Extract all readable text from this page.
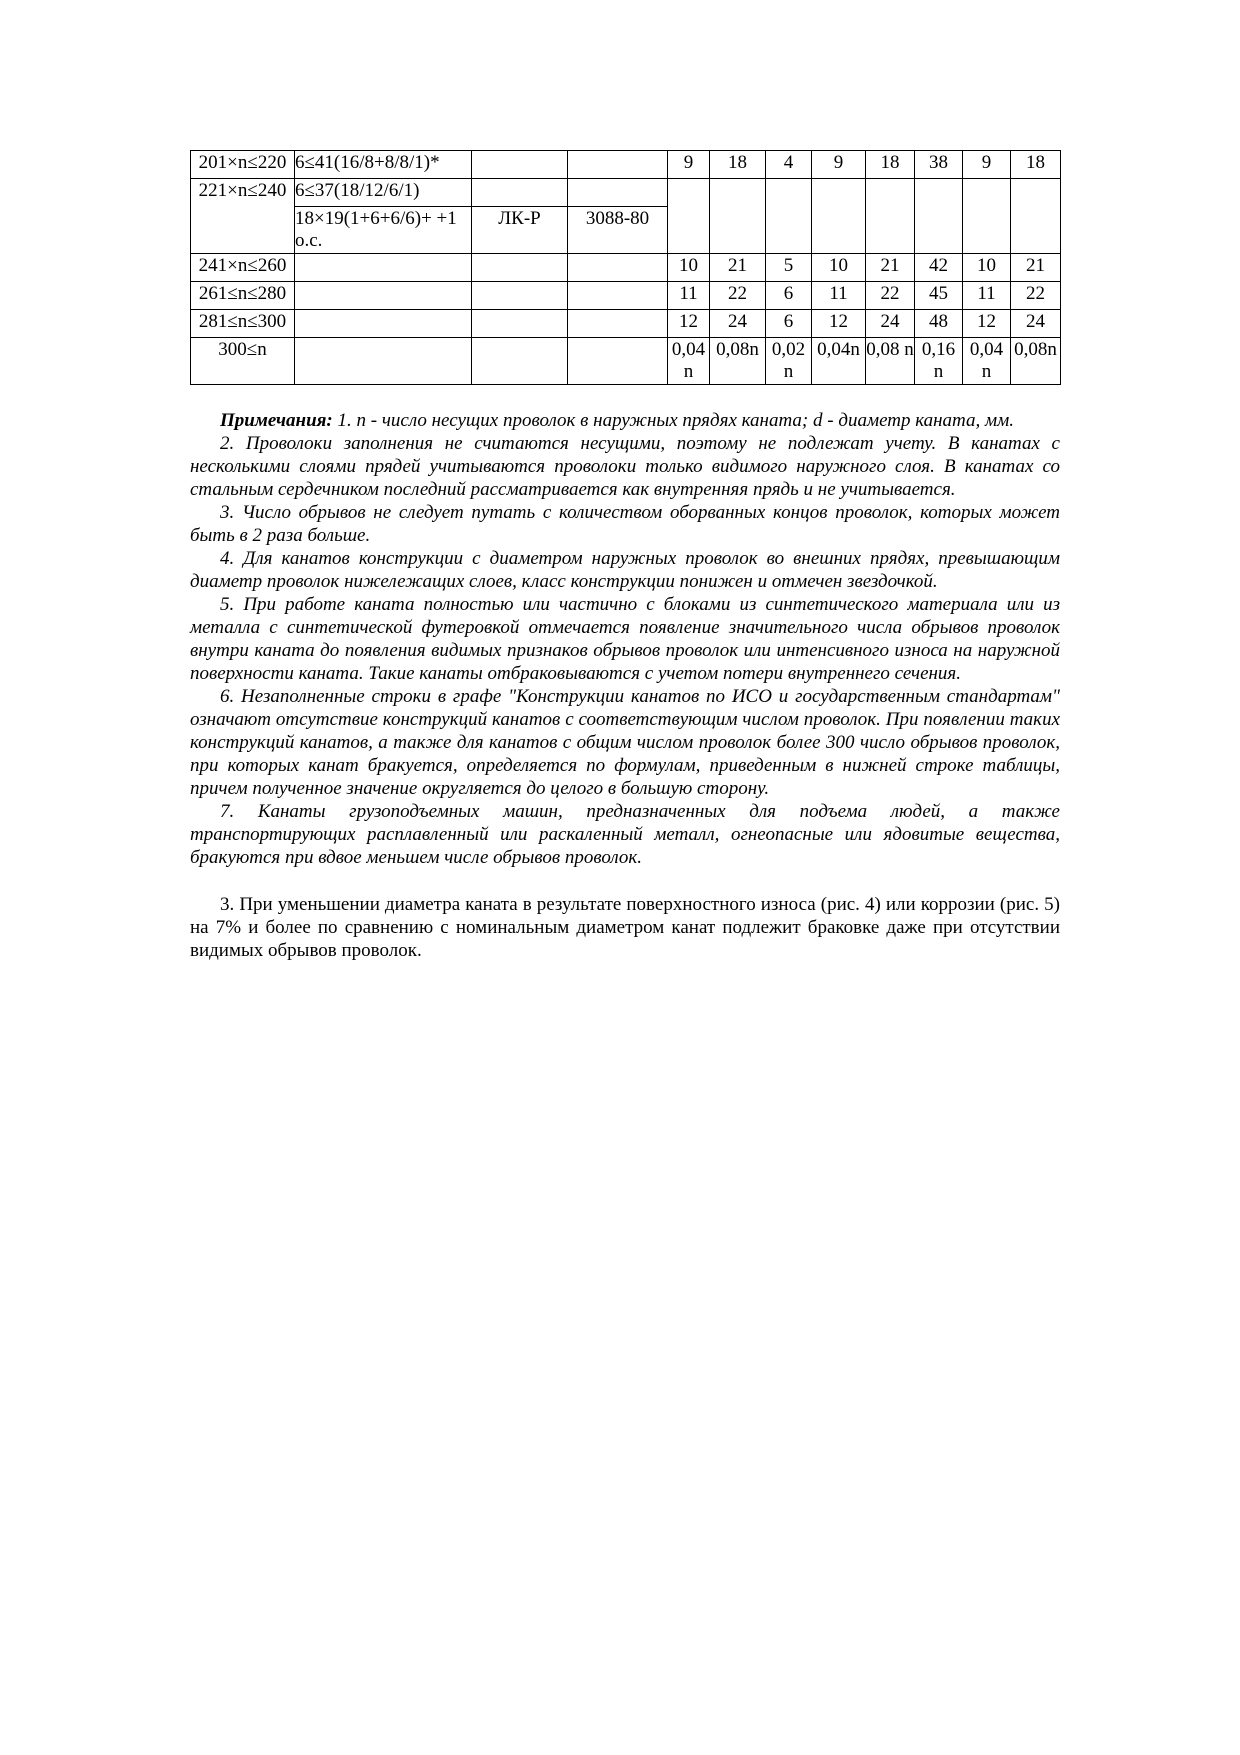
201×n≤220	6≤41(16/8+8/8/1)*			9	18	4	9	18	38	9	18
221×n≤240	6≤37(18/12/6/1)										
	18×19(1+6+6/6)+ +1о.с.	ЛК-Р	3088-80								
241×n≤260				10	21	5	10	21	42	10	21
261≤n≤280				11	22	6	11	22	45	11	22
281≤n≤300				12	24	6	12	24	48	12	24
300≤n				0,04 n	0,08n	0,02 n	0,04n	0,08 n	0,16 n	0,04 n	0,08n

Примечания: 1. n - число несущих проволок в наружных прядях каната; d - диаметр каната, мм.

2. Проволоки заполнения не считаются несущими, поэтому не подлежат учету. В канатах с несколькими слоями прядей учитываются проволоки только видимого наружного слоя. В канатах со стальным сердечником последний рассматривается как внутренняя прядь и не учитывается.

3. Число обрывов не следует путать с количеством оборванных концов проволок, которых может быть в 2 раза больше.

4. Для канатов конструкции с диаметром наружных проволок во внешних прядях, превышающим диаметр проволок нижележащих слоев, класс конструкции понижен и отмечен звездочкой.

5. При работе каната полностью или частично с блоками из синтетического материала или из металла с синтетической футеровкой отмечается появление значительного числа обрывов проволок внутри каната до появления видимых признаков обрывов проволок или интенсивного износа на наружной поверхности каната. Такие канаты отбраковываются с учетом потери внутреннего сечения.

6. Незаполненные строки в графе "Конструкции канатов по ИСО и государственным стандартам" означают отсутствие конструкций канатов с соответствующим числом проволок. При появлении таких конструкций канатов, а также для канатов с общим числом проволок более 300 число обрывов проволок, при которых канат бракуется, определяется по формулам, приведенным в нижней строке таблицы, причем полученное значение округляется до целого в большую сторону.

7. Канаты грузоподъемных машин, предназначенных для подъема людей, а также транспортирующих расплавленный или раскаленный металл, огнеопасные или ядовитые вещества, бракуются при вдвое меньшем числе обрывов проволок.

3. При уменьшении диаметра каната в результате поверхностного износа (рис. 4) или коррозии (рис. 5) на 7% и более по сравнению с номинальным диаметром канат подлежит браковке даже при отсутствии видимых обрывов проволок.
